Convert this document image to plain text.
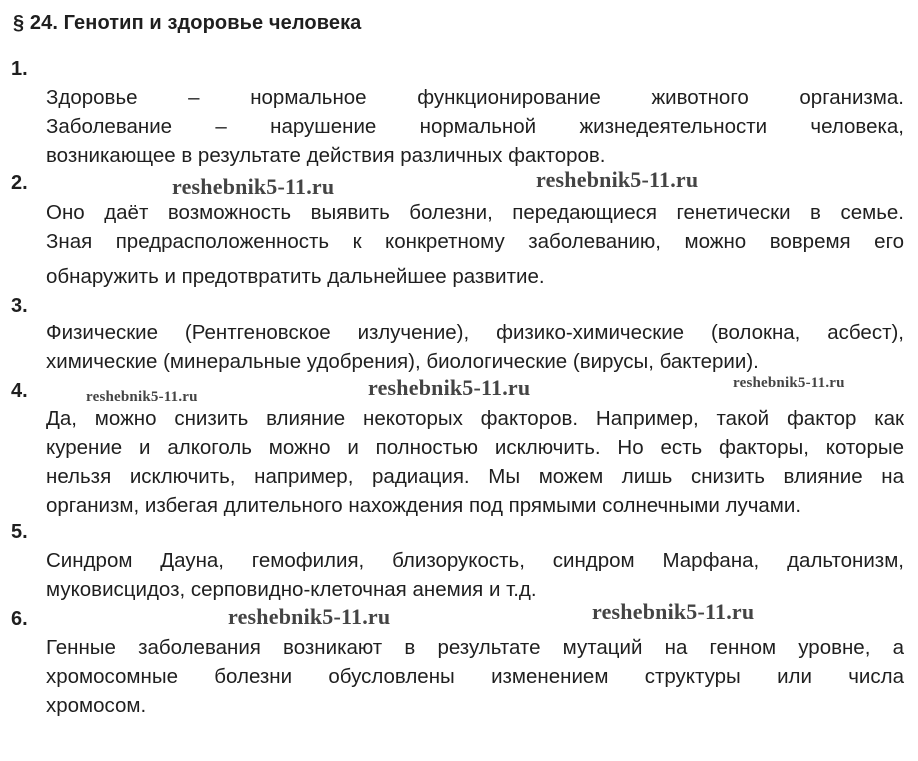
§ 24. Генотип и здоровье человека
1.
Здоровье – нормальное функционирование животного организма.
Заболевание – нарушение нормальной жизнедеятельности человека,
возникающее в результате действия различных факторов.
2.
Оно даёт возможность выявить болезни, передающиеся генетически в семье.
Зная предрасположенность к конкретному заболеванию, можно вовремя его
обнаружить и предотвратить дальнейшее развитие.
3.
Физические (Рентгеновское излучение), физико-химические (волокна, асбест),
химические (минеральные удобрения), биологические (вирусы, бактерии).
4.
Да, можно снизить влияние некоторых факторов. Например, такой фактор как
курение и алкоголь можно и полностью исключить. Но есть факторы, которые
нельзя исключить, например, радиация. Мы можем лишь снизить влияние на
организм, избегая длительного нахождения под прямыми солнечными лучами.
5.
Синдром Дауна, гемофилия, близорукость, синдром Марфана, дальтонизм,
муковисцидоз, серповидно-клеточная анемия и т.д.
6.
Генные заболевания возникают в результате мутаций на генном уровне, а
хромосомные болезни обусловлены изменением структуры или числа
хромосом.
reshebnik5-11.ru	reshebnik5-11.ru
reshebnik5-11.ru	reshebnik5-11.ru	reshebnik5-11.ru
reshebnik5-11.ru	reshebnik5-11.ru
